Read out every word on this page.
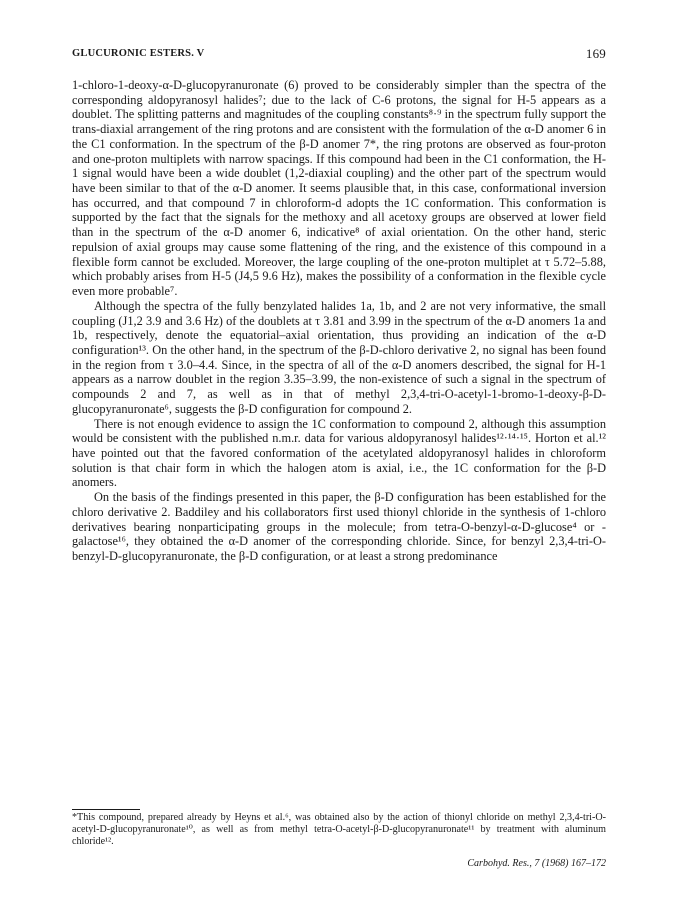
GLUCURONIC ESTERS. V	169

1-chloro-1-deoxy-α-D-glucopyranuronate (6) proved to be considerably simpler than the spectra of the corresponding aldopyranosyl halides⁷; due to the lack of C-6 protons, the signal for H-5 appears as a doublet. The splitting patterns and magnitudes of the coupling constants⁸·⁹ in the spectrum fully support the trans-diaxial arrangement of the ring protons and are consistent with the formulation of the α-D anomer 6 in the C1 conformation. In the spectrum of the β-D anomer 7*, the ring protons are observed as four-proton and one-proton multiplets with narrow spacings. If this compound had been in the C1 conformation, the H-1 signal would have been a wide doublet (1,2-diaxial coupling) and the other part of the spectrum would have been similar to that of the α-D anomer. It seems plausible that, in this case, conformational inversion has occurred, and that compound 7 in chloroform-d adopts the 1C conformation. This conformation is supported by the fact that the signals for the methoxy and all acetoxy groups are observed at lower field than in the spectrum of the α-D anomer 6, indicative⁸ of axial orientation. On the other hand, steric repulsion of axial groups may cause some flattening of the ring, and the existence of this compound in a flexible form cannot be excluded. Moreover, the large coupling of the one-proton multiplet at τ 5.72–5.88, which probably arises from H-5 (J4,5 9.6 Hz), makes the possibility of a conformation in the flexible cycle even more probable⁷.

Although the spectra of the fully benzylated halides 1a, 1b, and 2 are not very informative, the small coupling (J1,2 3.9 and 3.6 Hz) of the doublets at τ 3.81 and 3.99 in the spectrum of the α-D anomers 1a and 1b, respectively, denote the equatorial–axial orientation, thus providing an indication of the α-D configuration¹³. On the other hand, in the spectrum of the β-D-chloro derivative 2, no signal has been found in the region from τ 3.0–4.4. Since, in the spectra of all of the α-D anomers described, the signal for H-1 appears as a narrow doublet in the region 3.35–3.99, the non-existence of such a signal in the spectrum of compounds 2 and 7, as well as in that of methyl 2,3,4-tri-O-acetyl-1-bromo-1-deoxy-β-D-glucopyranuronate⁶, suggests the β-D configuration for compound 2.

There is not enough evidence to assign the 1C conformation to compound 2, although this assumption would be consistent with the published n.m.r. data for various aldopyranosyl halides¹²·¹⁴·¹⁵. Horton et al.¹² have pointed out that the favored conformation of the acetylated aldopyranosyl halides in chloroform solution is that chair form in which the halogen atom is axial, i.e., the 1C conformation for the β-D anomers.

On the basis of the findings presented in this paper, the β-D configuration has been established for the chloro derivative 2. Baddiley and his collaborators first used thionyl chloride in the synthesis of 1-chloro derivatives bearing nonparticipating groups in the molecule; from tetra-O-benzyl-α-D-glucose⁴ or -galactose¹⁶, they obtained the α-D anomer of the corresponding chloride. Since, for benzyl 2,3,4-tri-O-benzyl-D-glucopyranuronate, the β-D configuration, or at least a strong predominance

*This compound, prepared already by Heyns et al.⁶, was obtained also by the action of thionyl chloride on methyl 2,3,4-tri-O-acetyl-D-glucopyranuronate¹⁰, as well as from methyl tetra-O-acetyl-β-D-glucopyranuronate¹¹ by treatment with aluminum chloride¹².

Carbohyd. Res., 7 (1968) 167–172
